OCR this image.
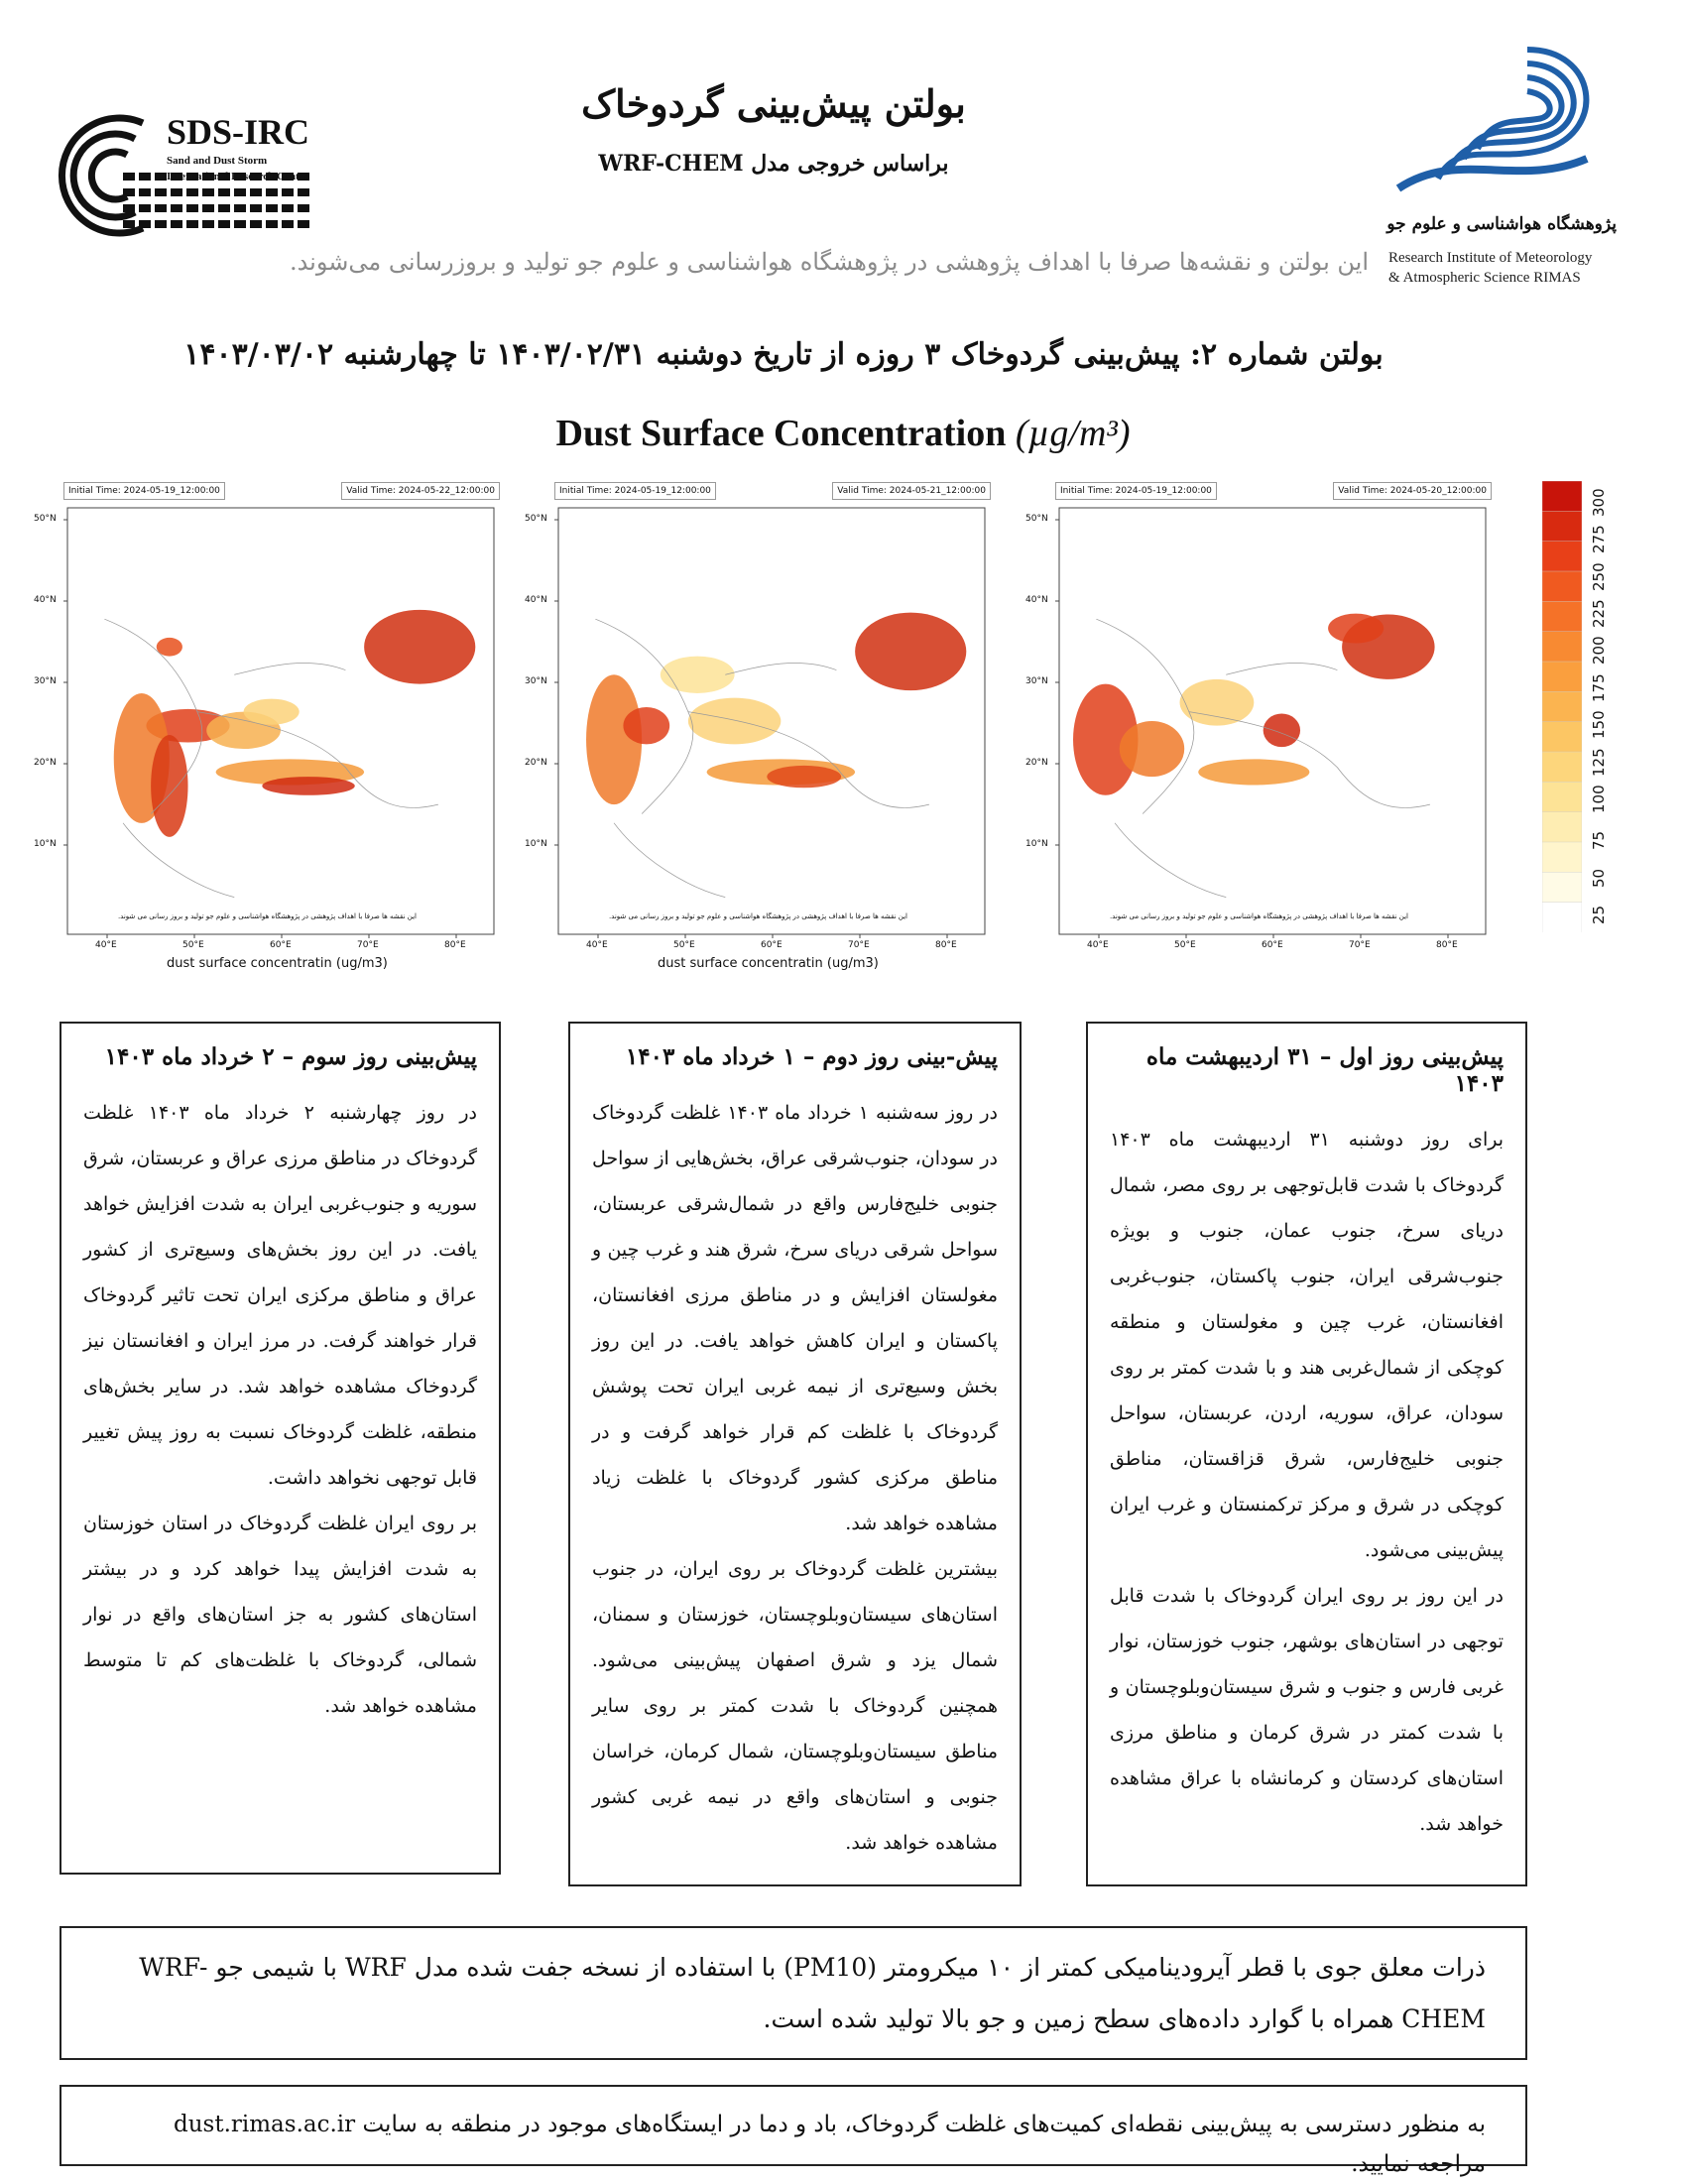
SDS-IRC
Sand and Dust Storm
International Research Center
پژوهشگاه هواشناسی و علوم جو
Research Institute of Meteorology
& Atmospheric Science RIMAS
بولتن پیش‌بینی گردوخاک
براساس خروجی مدل WRF-CHEM
این بولتن و نقشه‌ها صرفا با اهداف پژوهشی در پژوهشگاه هواشناسی و علوم جو تولید و بروزرسانی می‌شوند.
بولتن شماره ۲: پیش‌بینی گردوخاک ۳ روزه از تاریخ دوشنبه ۱۴۰۳/۰۲/۳۱ تا چهارشنبه ۱۴۰۳/۰۳/۰۲
Dust Surface Concentration (µg/m³)
Initial Time: 2024-05-19_12:00:00	Valid Time: 2024-05-22_12:00:00
50°N
40°N
30°N
20°N
10°N
40°E	50°E	60°E	70°E	80°E
dust surface concentratin (ug/m3)
این نقشه ها صرفا با اهداف پژوهشی در پژوهشگاه هواشناسی و علوم جو تولید و بروز رسانی می شوند.
Initial Time: 2024-05-19_12:00:00	Valid Time: 2024-05-21_12:00:00
50°N
40°N
30°N
20°N
10°N
40°E	50°E	60°E	70°E	80°E
dust surface concentratin (ug/m3)
این نقشه ها صرفا با اهداف پژوهشی در پژوهشگاه هواشناسی و علوم جو تولید و بروز رسانی می شوند.
Initial Time: 2024-05-19_12:00:00	Valid Time: 2024-05-20_12:00:00
50°N
40°N
30°N
20°N
10°N
40°E	50°E	60°E	70°E	80°E
این نقشه ها صرفا با اهداف پژوهشی در پژوهشگاه هواشناسی و علوم جو تولید و بروز رسانی می شوند.
300
275
250
225
200
175
150
125
100
75
50
25
پیش‌بینی روز سوم – ۲ خرداد ماه ۱۴۰۳

در روز چهارشنبه ۲ خرداد ماه ۱۴۰۳ غلظت گردوخاک در مناطق مرزی عراق و عربستان، شرق سوریه و جنوب‌غربی ایران به شدت افزایش خواهد یافت. در این روز بخش‌های وسیع‌تری از کشور عراق و مناطق مرکزی ایران تحت تاثیر گردوخاک قرار خواهند گرفت. در مرز ایران و افغانستان نیز گردوخاک مشاهده خواهد شد. در سایر بخش‌های منطقه، غلظت گردوخاک نسبت به روز پیش تغییر قابل توجهی نخواهد داشت.

بر روی ایران غلظت گردوخاک در استان خوزستان به شدت افزایش پیدا خواهد کرد و در بیشتر استان‌های کشور به جز استان‌های واقع در نوار شمالی، گردوخاک با غلظت‌های کم تا متوسط مشاهده خواهد شد.

پیش-بینی روز دوم – ۱ خرداد ماه ۱۴۰۳

در روز سه‌شنبه ۱ خرداد ماه ۱۴۰۳ غلظت گردوخاک در سودان، جنوب‌شرقی عراق، بخش‌هایی از سواحل جنوبی خلیج‌فارس واقع در شمال‌شرقی عربستان، سواحل شرقی دریای سرخ، شرق هند و غرب چین و مغولستان افزایش و در مناطق مرزی افغانستان، پاکستان و ایران کاهش خواهد یافت. در این روز بخش وسیع‌تری از نیمه غربی ایران تحت پوشش گردوخاک با غلظت کم قرار خواهد گرفت و در مناطق مرکزی کشور گردوخاک با غلظت زیاد مشاهده خواهد شد.

بیشترین غلظت گردوخاک بر روی ایران، در جنوب استان‌های سیستان‌وبلوچستان، خوزستان و سمنان، شمال یزد و شرق اصفهان پیش‌بینی می‌شود. همچنین گردوخاک با شدت کمتر بر روی سایر مناطق سیستان‌وبلوچستان، شمال کرمان، خراسان جنوبی و استان‌های واقع در نیمه غربی کشور مشاهده خواهد شد.

پیش‌بینی روز اول – ۳۱ اردیبهشت ماه ۱۴۰۳

برای روز دوشنبه ۳۱ اردیبهشت ماه ۱۴۰۳ گردوخاک با شدت قابل‌توجهی بر روی مصر، شمال دریای سرخ، جنوب عمان، جنوب و بویژه جنوب‌شرقی ایران، جنوب پاکستان، جنوب‌غربی افغانستان، غرب چین و مغولستان و منطقه کوچکی از شمال‌غربی هند و با شدت کمتر بر روی سودان، عراق، سوریه، اردن، عربستان، سواحل جنوبی خلیج‌فارس، شرق قزاقستان، مناطق کوچکی در شرق و مرکز ترکمنستان و غرب ایران پیش‌بینی می‌شود.

در این روز بر روی ایران گردوخاک با شدت قابل توجهی در استان‌های بوشهر، جنوب خوزستان، نوار غربی فارس و جنوب و شرق سیستان‌وبلوچستان و با شدت کمتر در شرق کرمان و مناطق مرزی استان‌های کردستان و کرمانشاه با عراق مشاهده خواهد شد.

ذرات معلق جوی با قطر آیرودینامیکی کمتر از ۱۰ میکرومتر (PM10) با استفاده از نسخه جفت شده مدل WRF با شیمی جو WRF-CHEM همراه با گوارد داده‌های سطح زمین و جو بالا تولید شده است.

به منظور دسترسی به پیش‌بینی نقطه‌ای کمیت‌های غلظت گردوخاک، باد و دما در ایستگاه‌های موجود در منطقه به سایت dust.rimas.ac.ir مراجعه نمایید.
